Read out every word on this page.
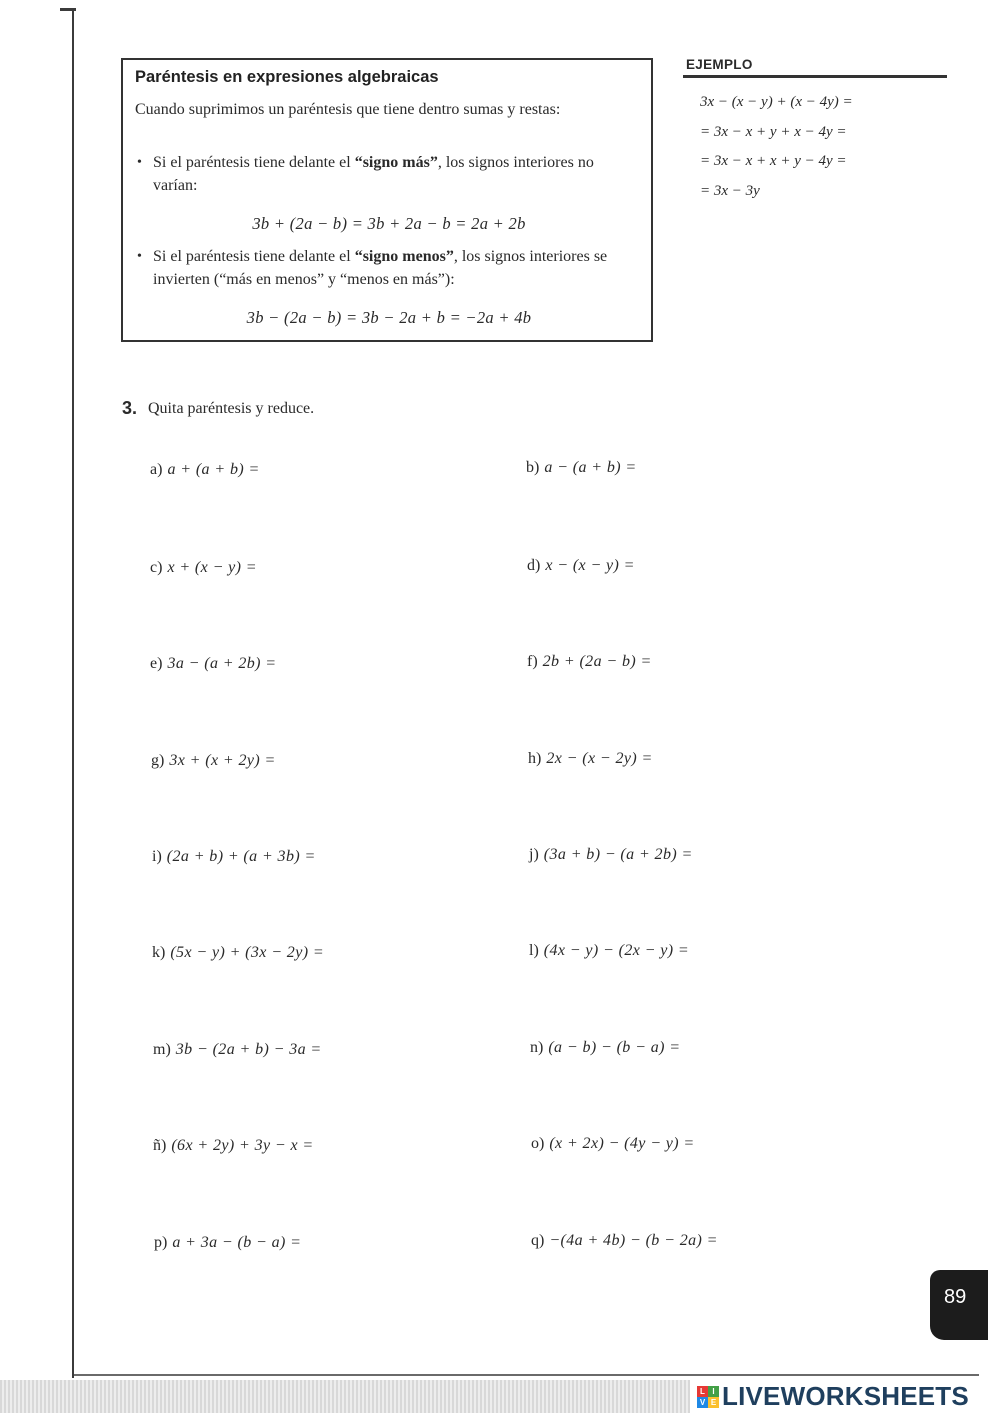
Paréntesis en expresiones algebraicas
Cuando suprimimos un paréntesis que tiene dentro sumas y restas:
• Si el paréntesis tiene delante el “signo más”, los signos interiores no varían:
3b + (2a − b) = 3b + 2a − b = 2a + 2b
• Si el paréntesis tiene delante el “signo menos”, los signos interiores se invierten (“más en menos” y “menos en más”):
3b − (2a − b) = 3b − 2a + b = −2a + 4b
EJEMPLO
3x − (x − y) + (x − 4y) =
= 3x − x + y + x − 4y =
= 3x − x + x + y − 4y =
= 3x − 3y
3. Quita paréntesis y reduce.
a) a + (a + b) =	b) a − (a + b) =
c) x + (x − y) =	d) x − (x − y) =
e) 3a − (a + 2b) =	f) 2b + (2a − b) =
g) 3x + (x + 2y) =	h) 2x − (x − 2y) =
i) (2a + b) + (a + 3b) =	j) (3a + b) − (a + 2b) =
k) (5x − y) + (3x − 2y) =	l) (4x − y) − (2x − y) =
m) 3b − (2a + b) − 3a =	n) (a − b) − (b − a) =
ñ) (6x + 2y) + 3y − x =	o) (x + 2x) − (4y − y) =
p) a + 3a − (b − a) =	q) −(4a + 4b) − (b − 2a) =
89
L I
V E LIVEWORKSHEETS
